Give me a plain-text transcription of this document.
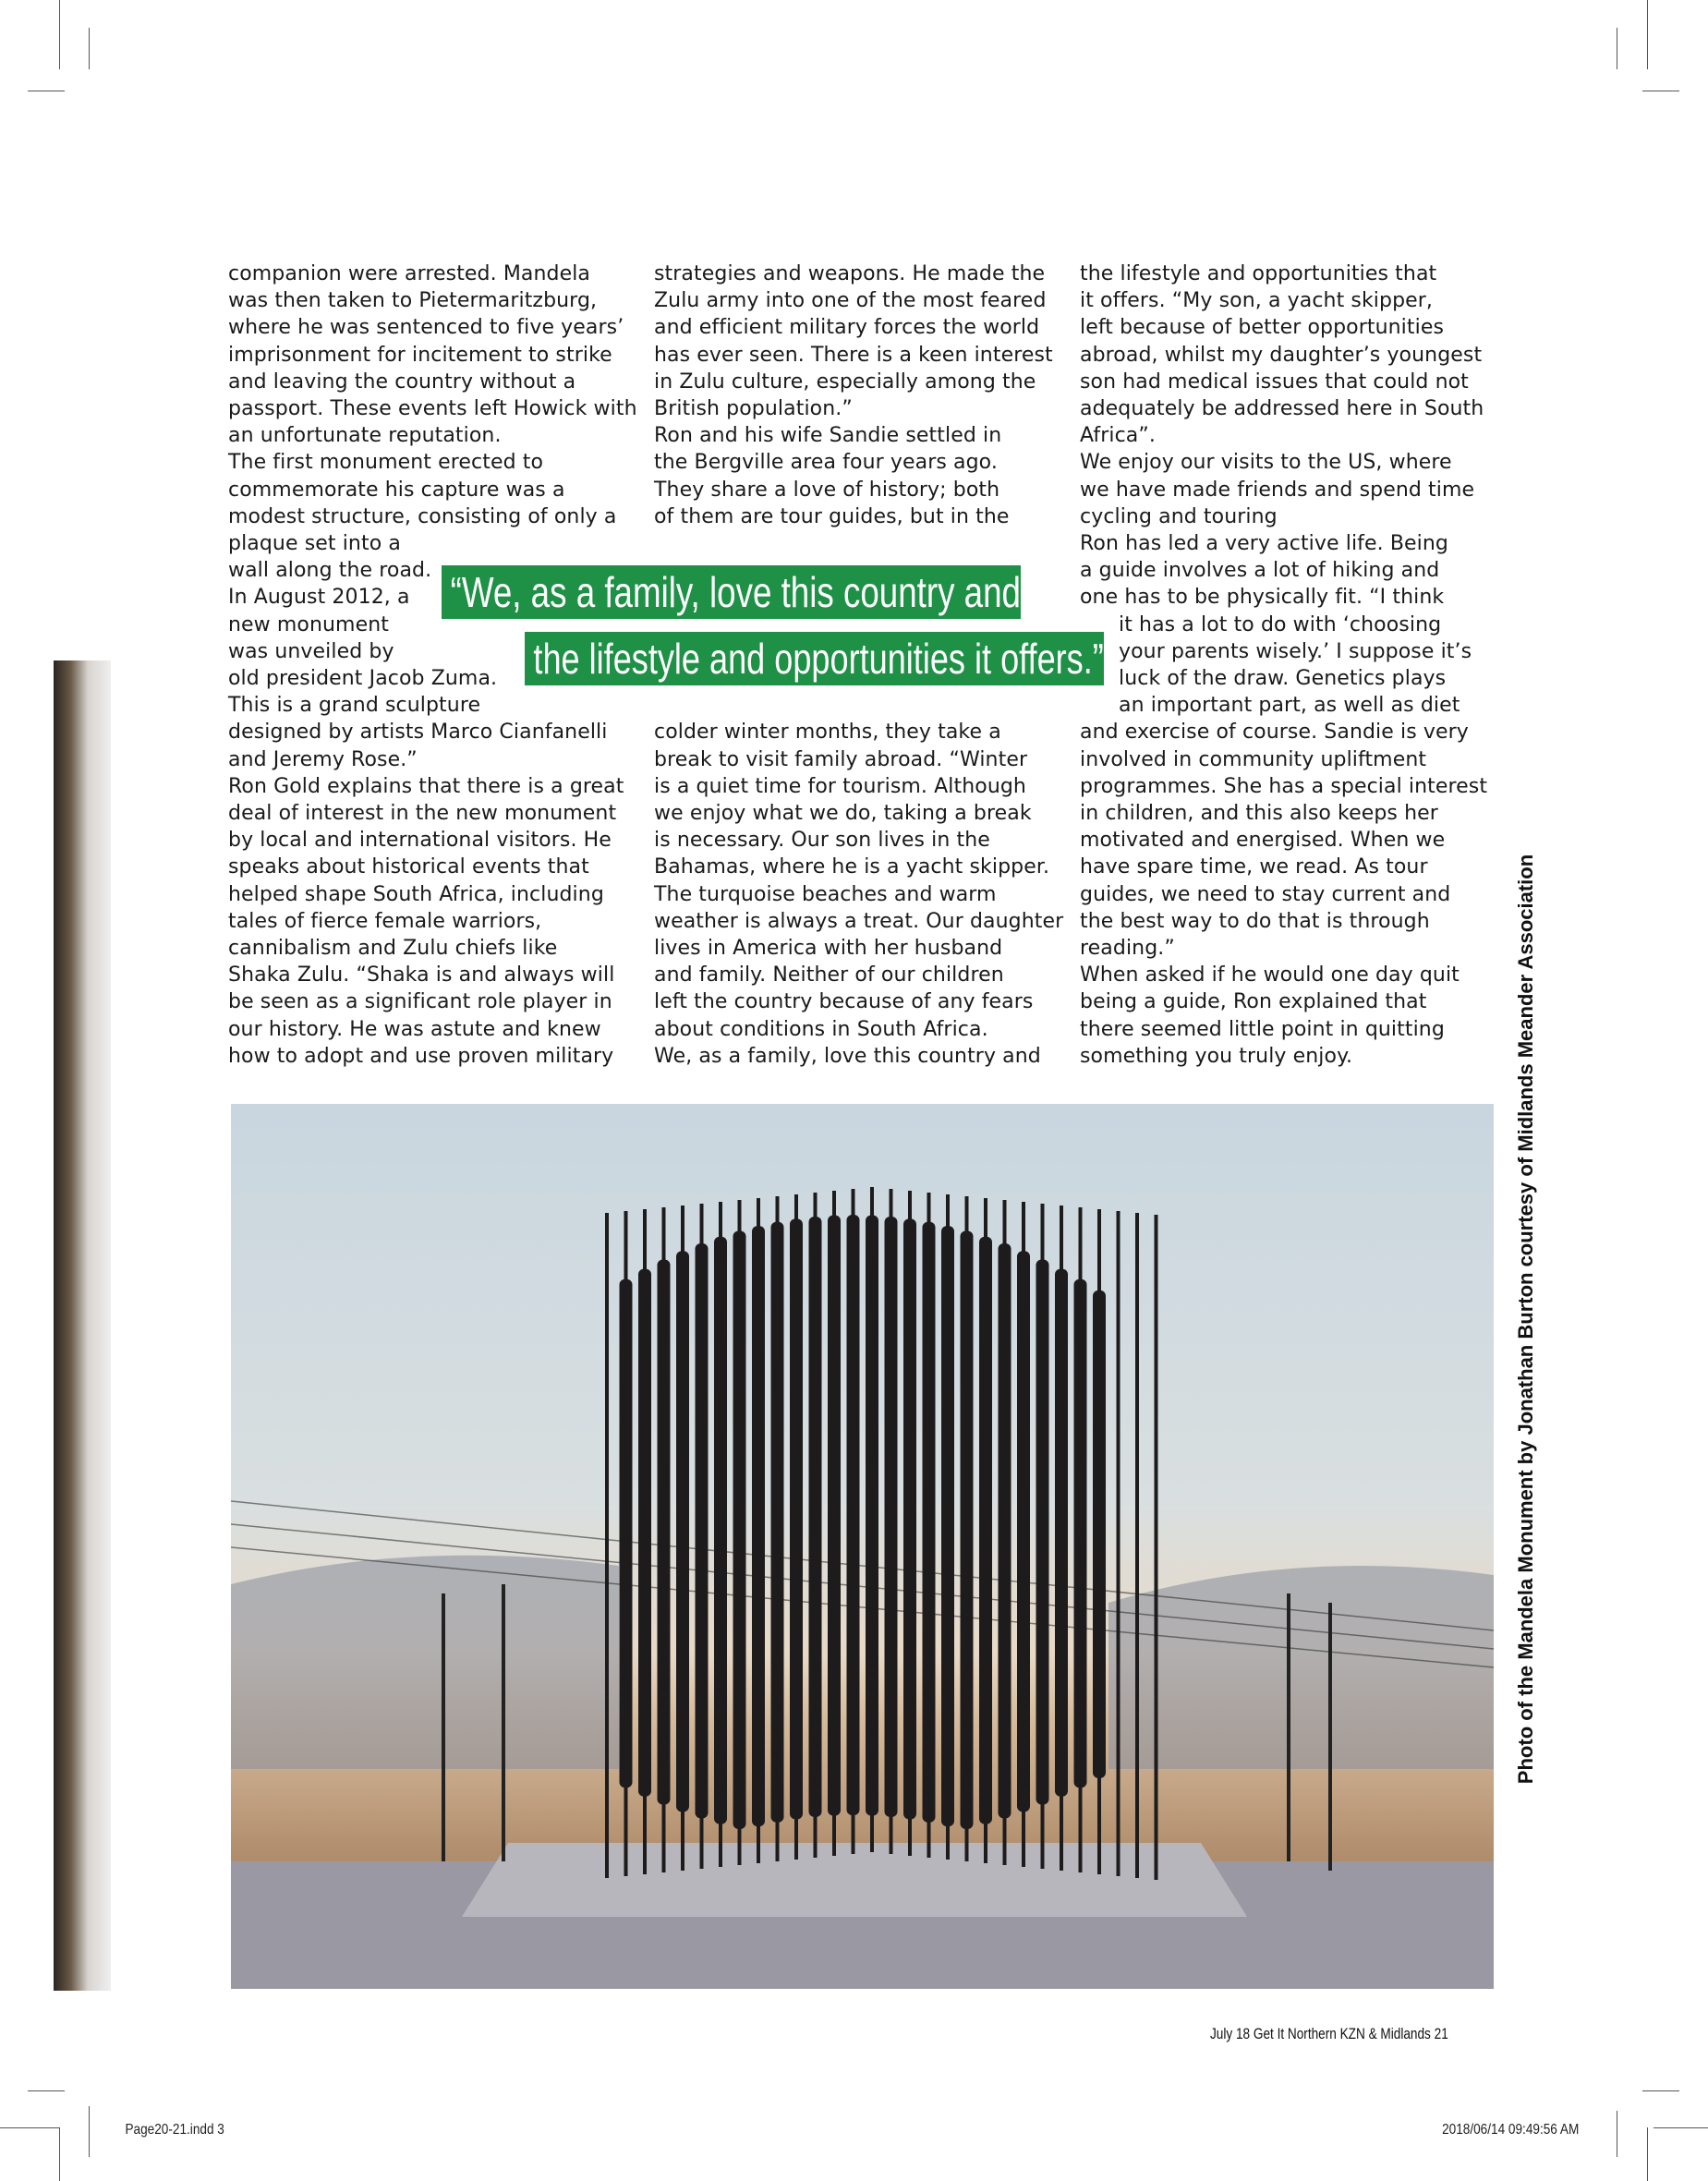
companion were arrested. Mandela
was then taken to Pietermaritzburg,
where he was sentenced to five years’
imprisonment for incitement to strike
and leaving the country without a
passport. These events left Howick with
an unfortunate reputation.
The first monument erected to
commemorate his capture was a
modest structure, consisting of only a
plaque set into a
wall along the road.
In August 2012, a
new monument
was unveiled by
old president Jacob Zuma.
This is a grand sculpture
designed by artists Marco Cianfanelli
and Jeremy Rose.”
Ron Gold explains that there is a great
deal of interest in the new monument
by local and international visitors. He
speaks about historical events that
helped shape South Africa, including
tales of fierce female warriors,
cannibalism and Zulu chiefs like
Shaka Zulu. “Shaka is and always will
be seen as a significant role player in
our history. He was astute and knew
how to adopt and use proven military
strategies and weapons. He made the
Zulu army into one of the most feared
and efficient military forces the world
has ever seen. There is a keen interest
in Zulu culture, especially among the
British population.”
Ron and his wife Sandie settled in
the Bergville area four years ago.
They share a love of history; both
of them are tour guides, but in the
colder winter months, they take a
break to visit family abroad. “Winter
is a quiet time for tourism. Although
we enjoy what we do, taking a break
is necessary. Our son lives in the
Bahamas, where he is a yacht skipper.
The turquoise beaches and warm
weather is always a treat. Our daughter
lives in America with her husband
and family. Neither of our children
left the country because of any fears
about conditions in South Africa.
We, as a family, love this country and
the lifestyle and opportunities that
it offers. “My son, a yacht skipper,
left because of better opportunities
abroad, whilst my daughter’s youngest
son had medical issues that could not
adequately be addressed here in South
Africa”.
We enjoy our visits to the US, where
we have made friends and spend time
cycling and touring
Ron has led a very active life. Being
a guide involves a lot of hiking and
one has to be physically fit. “I think
it has a lot to do with ‘choosing
your parents wisely.’ I suppose it’s
luck of the draw. Genetics plays
an important part, as well as diet
and exercise of course. Sandie is very
involved in community upliftment
programmes. She has a special interest
in children, and this also keeps her
motivated and energised. When we
have spare time, we read. As tour
guides, we need to stay current and
the best way to do that is through
reading.”
When asked if he would one day quit
being a guide, Ron explained that
there seemed little point in quitting
something you truly enjoy.
“We, as a family, love this country and
the lifestyle and opportunities it offers.”
Photo of the Mandela Monument by Jonathan Burton courtesy of Midlands Meander Association
July 18 Get It Northern KZN & Midlands 21
Page20-21.indd 3	2018/06/14 09:49:56 AM
